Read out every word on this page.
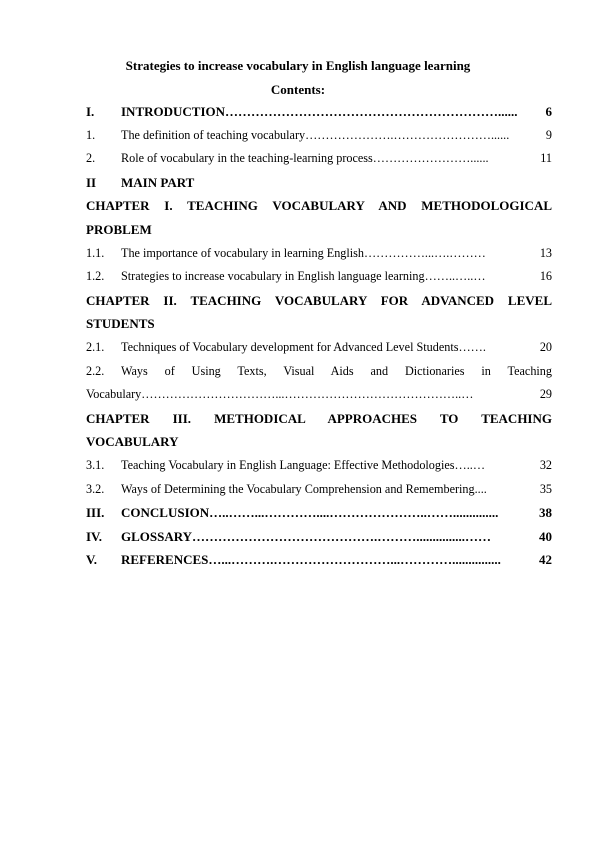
Strategies to increase vocabulary in English language learning
Contents:
I.	INTRODUCTION………………………………………………………......	6
1.	The definition of teaching vocabulary………………….……………………......	9
2.	Role of vocabulary in the teaching-learning process……………………......	11
II	MAIN PART
CHAPTER I. TEACHING VOCABULARY AND METHODOLOGICAL
PROBLEM
1.1.	The importance of vocabulary in learning English……………...….………	13
1.2.	Strategies to increase vocabulary in English language learning……..…..…	16
CHAPTER II. TEACHING VOCABULARY FOR ADVANCED LEVEL
STUDENTS
2.1.	Techniques of Vocabulary development for Advanced Level Students…….	20
2.2.	Ways of Using Texts, Visual Aids and Dictionaries in Teaching
Vocabulary……………………………...……………………………………..…	29
CHAPTER III. METHODICAL APPROACHES TO TEACHING
VOCABULARY
3.1.	Teaching Vocabulary in English Language: Effective Methodologies…..…	32
3.2.	Ways of Determining the Vocabulary Comprehension and Remembering....	35
III.	CONCLUSION…..……...…………....…………………..……..............	38
IV.	GLOSSARY…………………………………….………...............……	40
V.	REFERENCES…...……….………………………...…………...............	42
